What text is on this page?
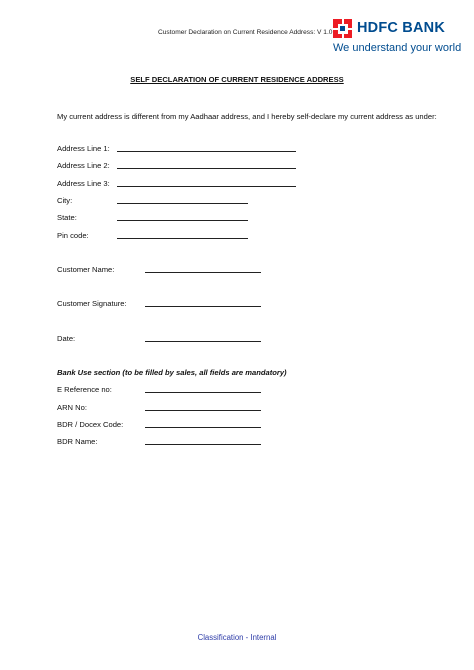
Customer Declaration on Current Residence Address: V 1.0 HDFC BANK
We understand your world
SELF DECLARATION OF CURRENT RESIDENCE ADDRESS
My current address is different from my Aadhaar address, and I hereby self-declare my current address as under:
Address Line 1:
Address Line 2:
Address Line 3:
City:
State:
Pin code:
Customer Name:
Customer Signature:
Date:
Bank Use section (to be filled by sales, all fields are mandatory)
E Reference no:
ARN No:
BDR / Docex Code:
BDR Name:
Classification - Internal
